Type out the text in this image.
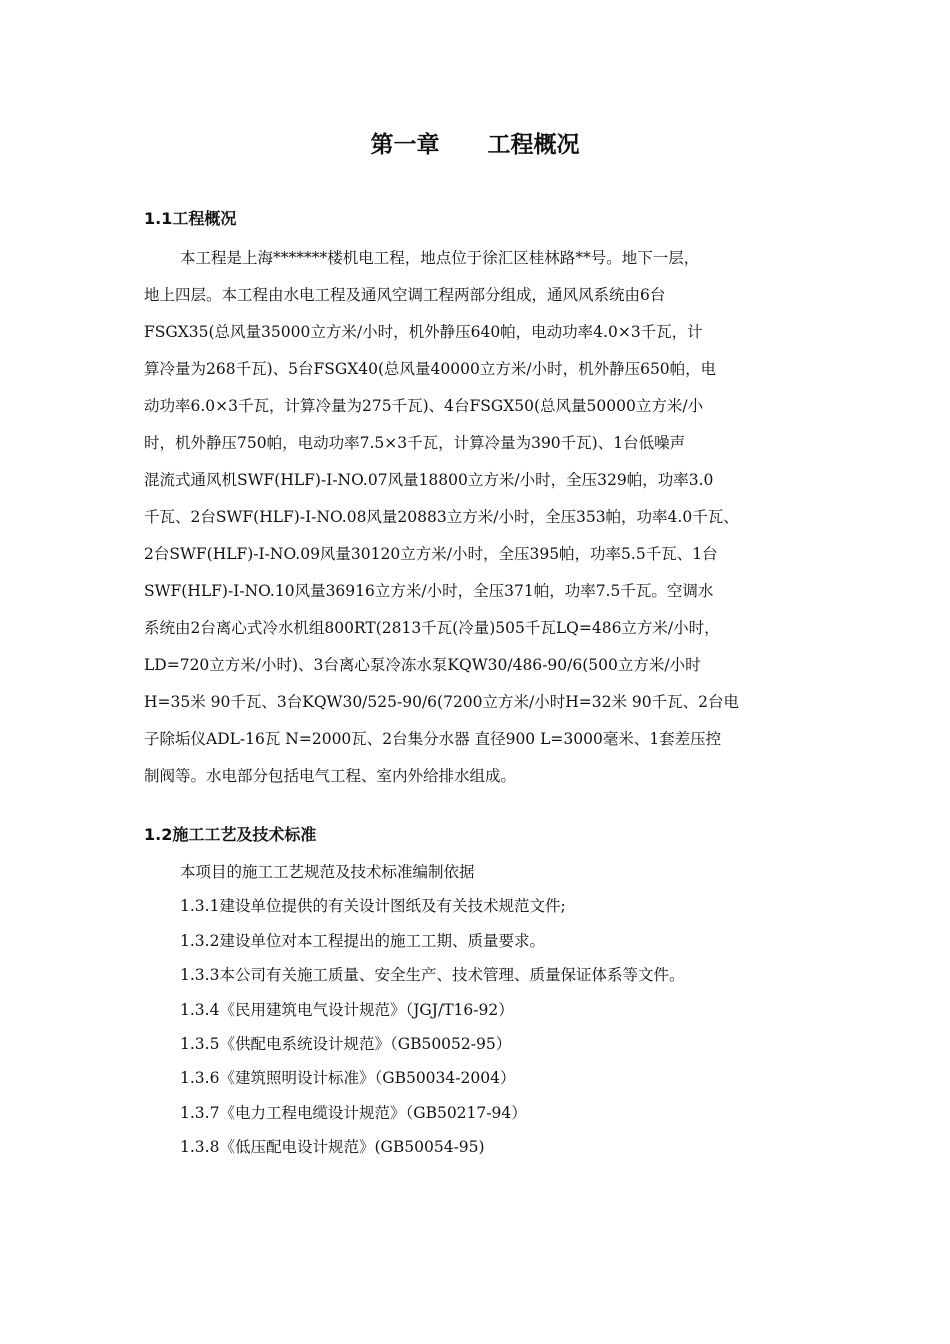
第一章      工程概况
1.1工程概况
本工程是上海*******楼机电工程，地点位于徐汇区桂林路**号。地下一层，
地上四层。本工程由水电工程及通风空调工程两部分组成，通风风系统由6台
FSGX35(总风量35000立方米/小时，机外静压640帕，电动功率4.0×3千瓦，计
算冷量为268千瓦)、5台FSGX40(总风量40000立方米/小时，机外静压650帕，电
动功率6.0×3千瓦，计算冷量为275千瓦)、4台FSGX50(总风量50000立方米/小
时，机外静压750帕，电动功率7.5×3千瓦，计算冷量为390千瓦)、1台低噪声
混流式通风机SWF(HLF)-I-NO.07风量18800立方米/小时，全压329帕，功率3.0
千瓦、2台SWF(HLF)-I-NO.08风量20883立方米/小时，全压353帕，功率4.0千瓦、
2台SWF(HLF)-I-NO.09风量30120立方米/小时，全压395帕，功率5.5千瓦、1台
SWF(HLF)-I-NO.10风量36916立方米/小时，全压371帕，功率7.5千瓦。空调水
系统由2台离心式冷水机组800RT(2813千瓦(冷量)505千瓦LQ=486立方米/小时，
LD=720立方米/小时)、3台离心泵冷冻水泵KQW30/486-90/6(500立方米/小时
H=35米 90千瓦、3台KQW30/525-90/6(7200立方米/小时H=32米 90千瓦、2台电
子除垢仪ADL-16瓦 N=2000瓦、2台集分水器 直径900 L=3000毫米、1套差压控
制阀等。水电部分包括电气工程、室内外给排水组成。
1.2施工工艺及技术标准
本项目的施工工艺规范及技术标准编制依据
1.3.1建设单位提供的有关设计图纸及有关技术规范文件;
1.3.2建设单位对本工程提出的施工工期、质量要求。
1.3.3本公司有关施工质量、安全生产、技术管理、质量保证体系等文件。
1.3.4《民用建筑电气设计规范》（JGJ/T16-92）
1.3.5《供配电系统设计规范》（GB50052-95）
1.3.6《建筑照明设计标准》（GB50034-2004）
1.3.7《电力工程电缆设计规范》（GB50217-94）
1.3.8《低压配电设计规范》(GB50054-95)
